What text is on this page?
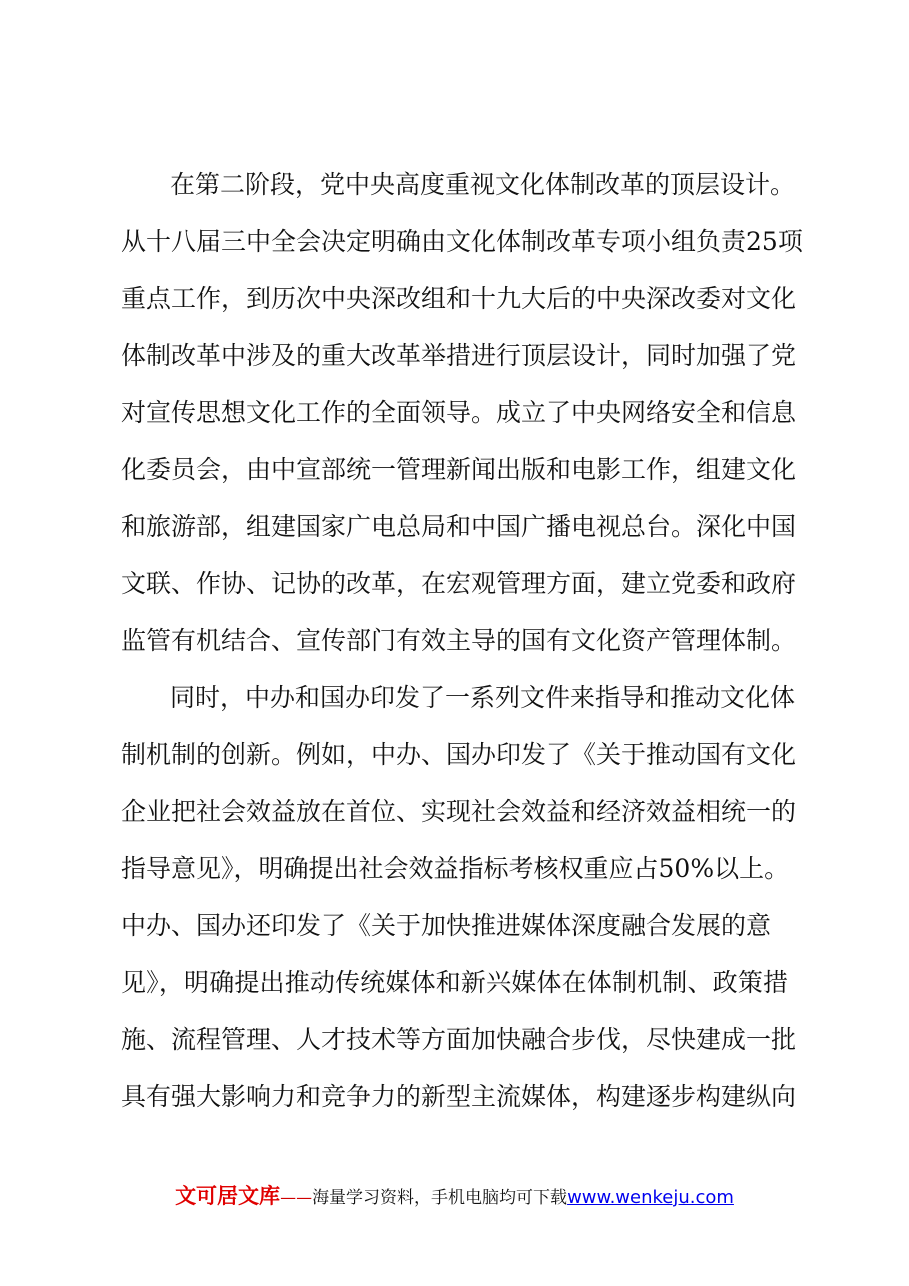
在第二阶段，党中央高度重视文化体制改革的顶层设计。
从十八届三中全会决定明确由文化体制改革专项小组负责25项
重点工作，到历次中央深改组和十九大后的中央深改委对文化
体制改革中涉及的重大改革举措进行顶层设计，同时加强了党
对宣传思想文化工作的全面领导。成立了中央网络安全和信息
化委员会，由中宣部统一管理新闻出版和电影工作，组建文化
和旅游部，组建国家广电总局和中国广播电视总台。深化中国
文联、作协、记协的改革，在宏观管理方面，建立党委和政府
监管有机结合、宣传部门有效主导的国有文化资产管理体制。
同时，中办和国办印发了一系列文件来指导和推动文化体
制机制的创新。例如，中办、国办印发了《关于推动国有文化
企业把社会效益放在首位、实现社会效益和经济效益相统一的
指导意见》，明确提出社会效益指标考核权重应占50%以上。
中办、国办还印发了《关于加快推进媒体深度融合发展的意
见》，明确提出推动传统媒体和新兴媒体在体制机制、政策措
施、流程管理、人才技术等方面加快融合步伐，尽快建成一批
具有强大影响力和竞争力的新型主流媒体，构建逐步构建纵向
文可居文库——海量学习资料，手机电脑均可下载www.wenkeju.com
